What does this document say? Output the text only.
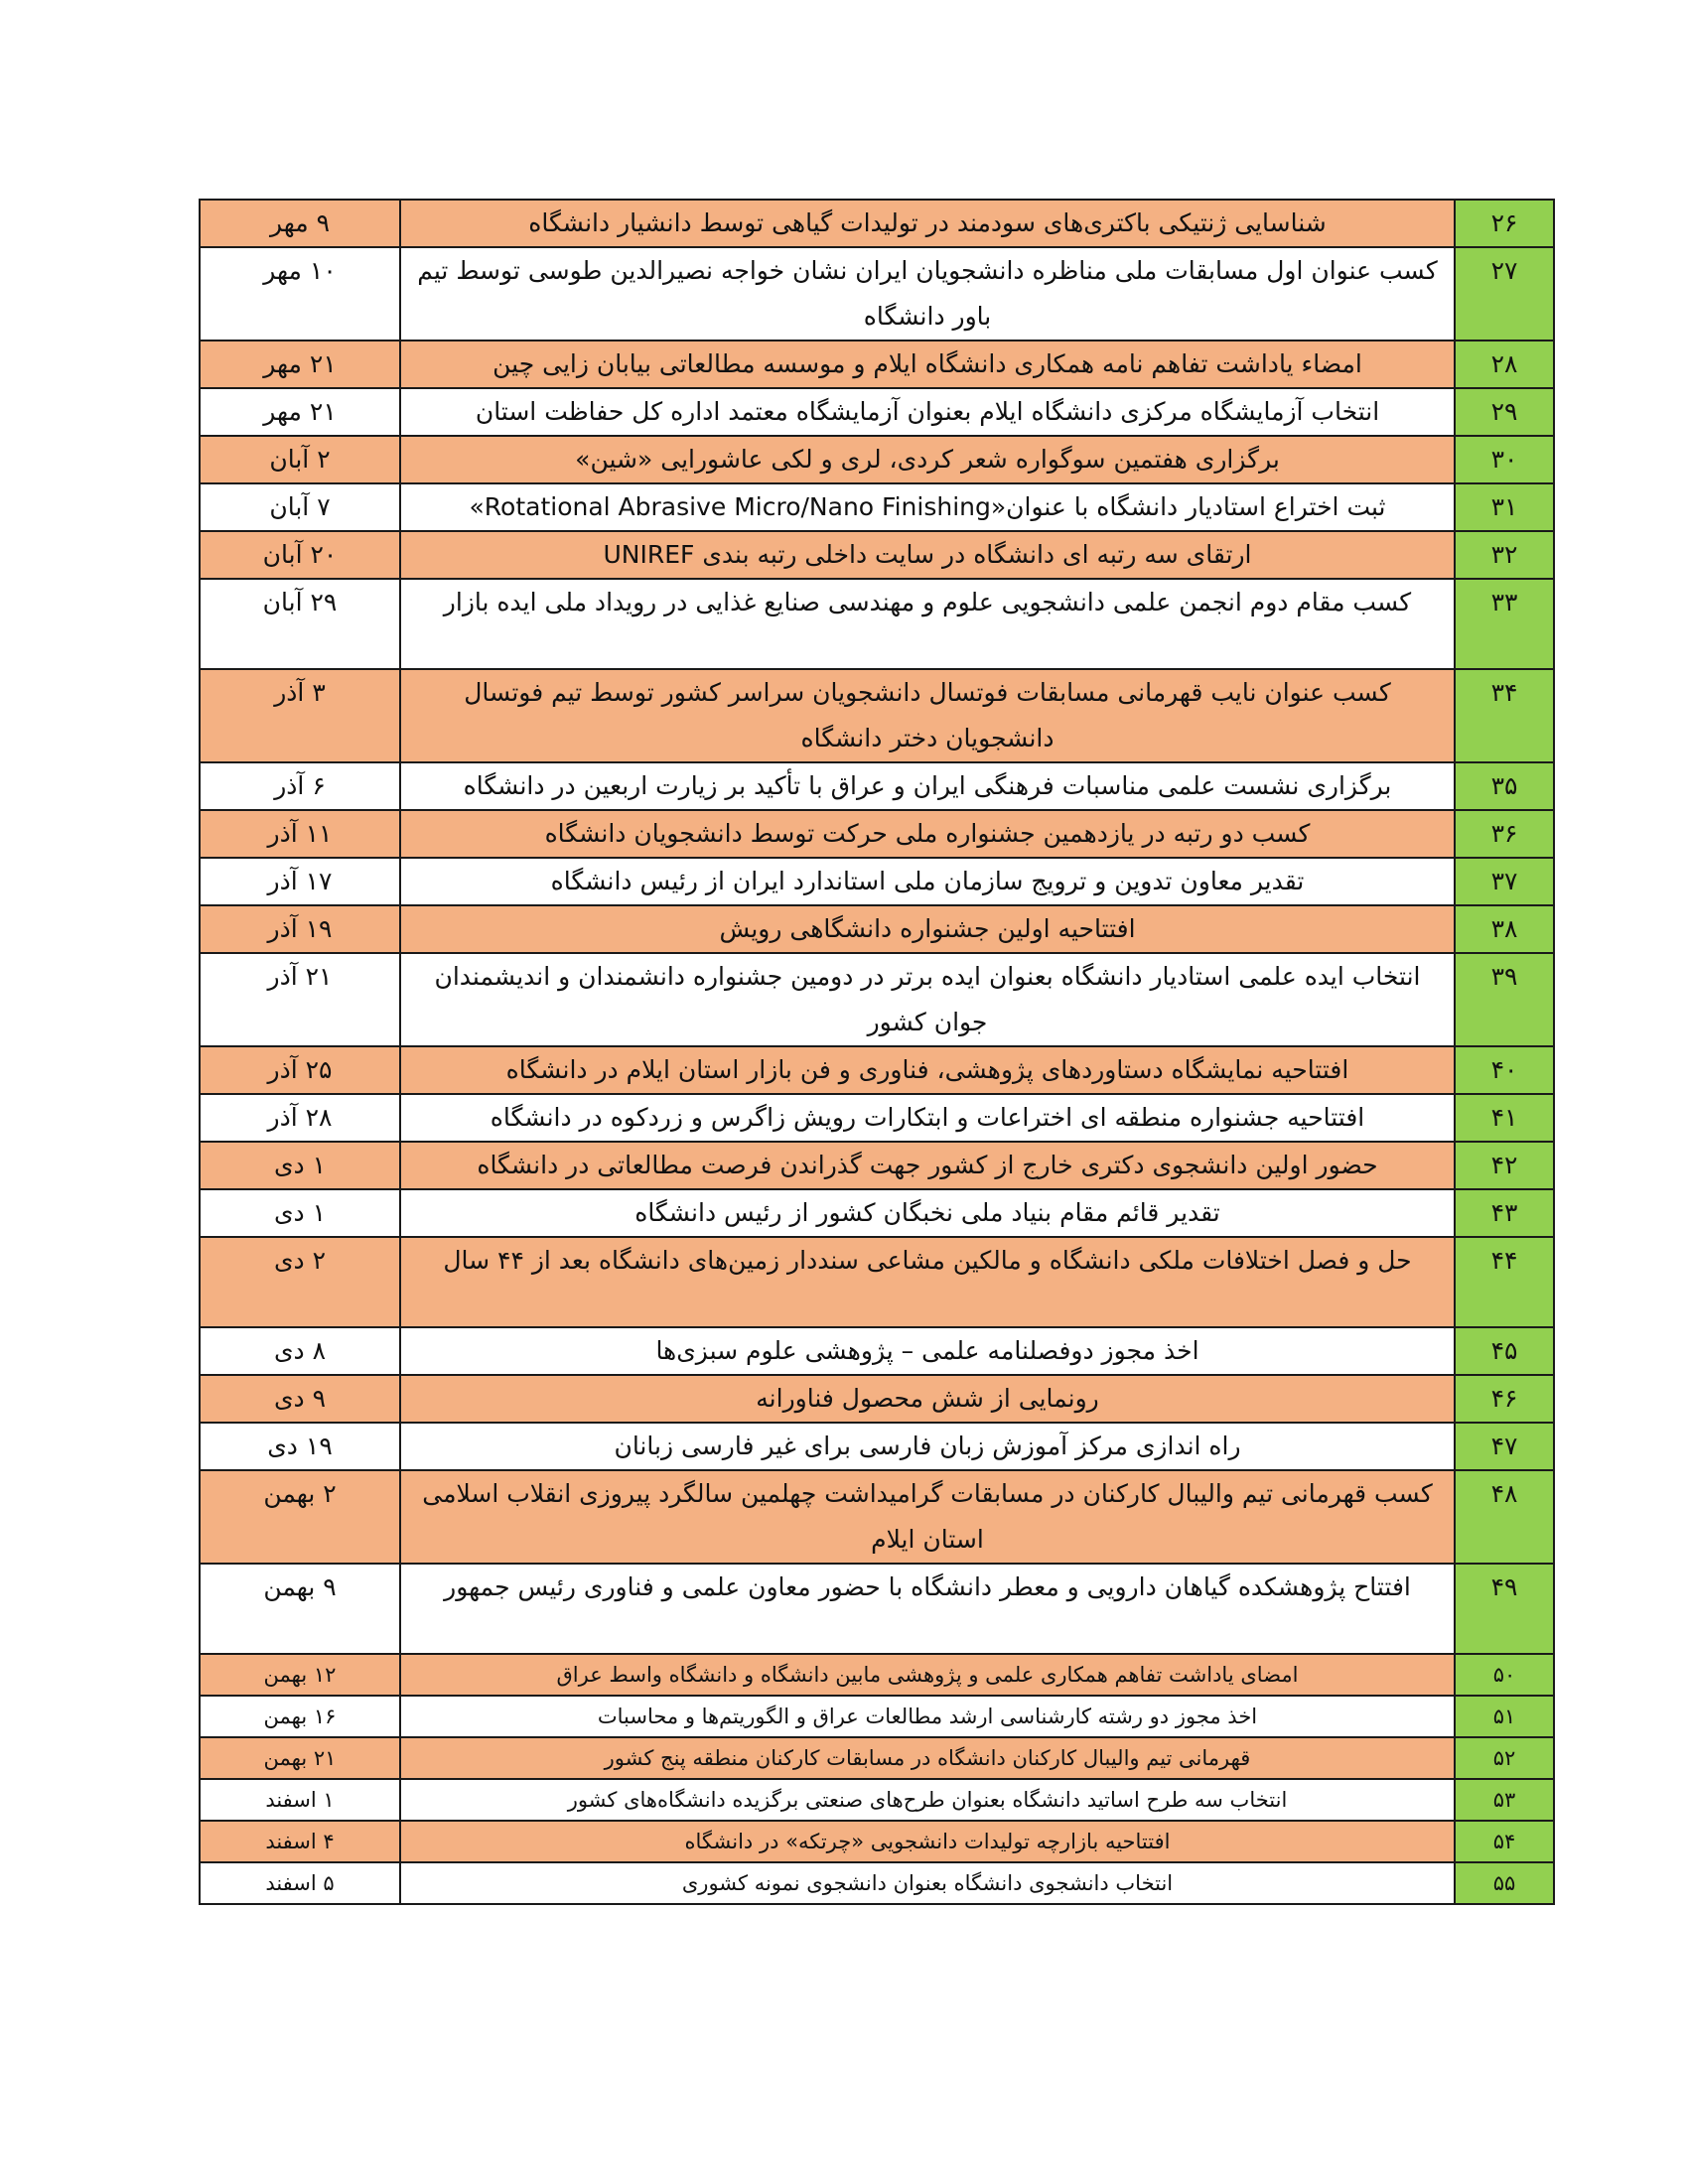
۲۶	شناسایی ژنتیکی باکتری‌های سودمند در تولیدات گیاهی توسط دانشیار دانشگاه	۹ مهر
۲۷	کسب عنوان اول مسابقات ملی مناظره دانشجویان ایران نشان خواجه نصیرالدین طوسی توسط تیم باور دانشگاه	۱۰ مهر
۲۸	امضاء یاداشت تفاهم نامه همکاری دانشگاه ایلام و موسسه مطالعاتی بیابان زایی چین	۲۱ مهر
۲۹	انتخاب آزمایشگاه مرکزی دانشگاه ایلام بعنوان آزمایشگاه معتمد اداره کل حفاظت استان	۲۱ مهر
۳۰	برگزاری هفتمین سوگواره شعر کردی، لری و لکی عاشورایی «شین»	۲ آبان
۳۱	ثبت اختراع استادیار دانشگاه با عنوان«Rotational Abrasive Micro/Nano Finishing»	۷ آبان
۳۲	ارتقای سه رتبه ای دانشگاه در سایت داخلی رتبه بندی UNIREF	۲۰ آبان
۳۳	کسب مقام دوم انجمن علمی دانشجویی علوم و مهندسی صنایع غذایی در رویداد ملی ایده بازار	۲۹ آبان
۳۴	کسب عنوان نایب قهرمانی مسابقات فوتسال دانشجویان سراسر کشور توسط تیم فوتسال دانشجویان دختر دانشگاه	۳ آذر
۳۵	برگزاری نشست علمی مناسبات فرهنگی ایران و عراق با تأکید بر زیارت اربعین در دانشگاه	۶ آذر
۳۶	کسب دو رتبه در یازدهمین جشنواره ملی حرکت توسط دانشجویان دانشگاه	۱۱ آذر
۳۷	تقدیر معاون تدوین و ترویج سازمان ملی استاندارد ایران از رئیس دانشگاه	۱۷ آذر
۳۸	افتتاحیه اولین جشنواره دانشگاهی رویش	۱۹ آذر
۳۹	انتخاب ایده علمی استادیار دانشگاه بعنوان ایده برتر در دومین جشنواره دانشمندان و اندیشمندان جوان کشور	۲۱ آذر
۴۰	افتتاحیه نمایشگاه دستاوردهای پژوهشی، فناوری و فن بازار استان ایلام در دانشگاه	۲۵ آذر
۴۱	افتتاحیه جشنواره منطقه ای اختراعات و ابتکارات رویش زاگرس و زردکوه در دانشگاه	۲۸ آذر
۴۲	حضور اولین دانشجوی دکتری خارج از کشور جهت گذراندن فرصت مطالعاتی در دانشگاه	۱ دی
۴۳	تقدیر قائم مقام بنیاد ملی نخبگان کشور از رئیس دانشگاه	۱ دی
۴۴	حل و فصل اختلافات ملکی دانشگاه و مالکین مشاعی سنددار زمین‌های دانشگاه بعد از ۴۴ سال	۲ دی
۴۵	اخذ مجوز دوفصلنامه علمی – پژوهشی علوم سبزی‌ها	۸ دی
۴۶	رونمایی از شش محصول فناورانه	۹ دی
۴۷	راه اندازی مرکز آموزش زبان فارسی برای غیر فارسی زبانان	۱۹ دی
۴۸	کسب قهرمانی تیم والیبال کارکنان در مسابقات گرامیداشت چهلمین سالگرد پیروزی انقلاب اسلامی استان ایلام	۲ بهمن
۴۹	افتتاح پژوهشکده گیاهان دارویی و معطر دانشگاه با حضور معاون علمی و فناوری رئیس جمهور	۹ بهمن
۵۰	امضای یاداشت تفاهم همکاری علمی و پژوهشی مابین دانشگاه و دانشگاه واسط عراق	۱۲ بهمن
۵۱	اخذ مجوز دو رشته کارشناسی ارشد مطالعات عراق و الگوریتم‌ها و محاسبات	۱۶ بهمن
۵۲	قهرمانی تیم والیبال کارکنان دانشگاه در مسابقات کارکنان منطقه پنج کشور	۲۱ بهمن
۵۳	انتخاب سه طرح اساتید دانشگاه بعنوان طرح‌های صنعتی برگزیده دانشگاه‌های کشور	۱ اسفند
۵۴	افتتاحیه بازارچه تولیدات دانشجویی «چرتکه» در دانشگاه	۴ اسفند
۵۵	انتخاب دانشجوی دانشگاه بعنوان دانشجوی نمونه کشوری	۵ اسفند
